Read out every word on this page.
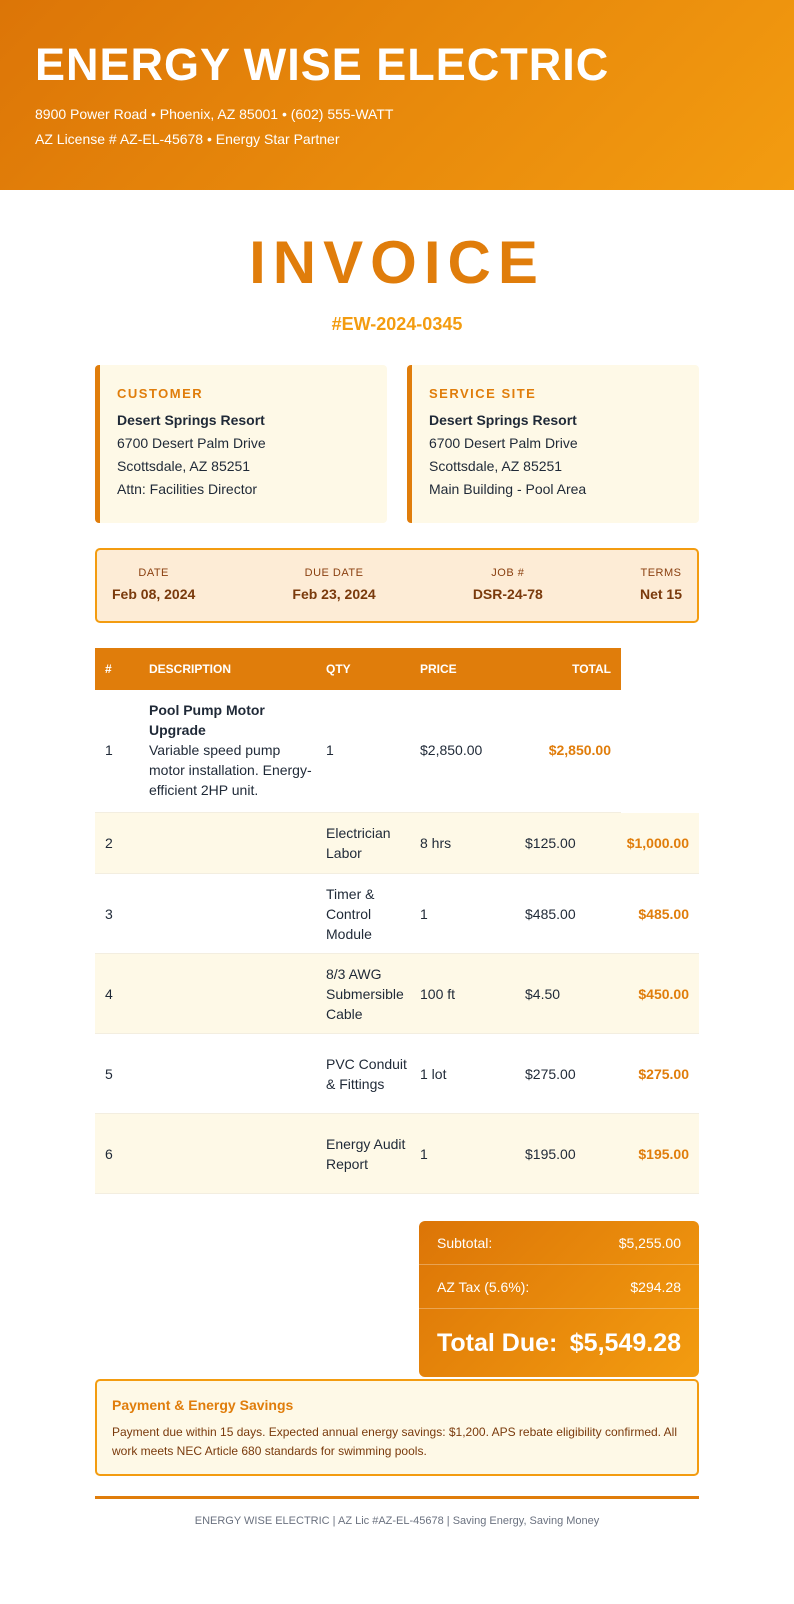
ENERGY WISE ELECTRIC
8900 Power Road • Phoenix, AZ 85001 • (602) 555-WATT
AZ License # AZ-EL-45678 • Energy Star Partner
INVOICE
#EW-2024-0345
CUSTOMER
Desert Springs Resort
6700 Desert Palm Drive
Scottsdale, AZ 85251
Attn: Facilities Director
SERVICE SITE
Desert Springs Resort
6700 Desert Palm Drive
Scottsdale, AZ 85251
Main Building - Pool Area
DATE
Feb 08, 2024
DUE DATE
Feb 23, 2024
JOB #
DSR-24-78
TERMS
Net 15
#	DESCRIPTION	QTY	PRICE	TOTAL
1
Pool Pump Motor Upgrade
Variable speed pump motor installation. Energy-efficient 2HP unit.
1	$2,850.00	$2,850.00
2
Electrician Labor
8 hrs	$125.00	$1,000.00
3
Timer & Control Module
1	$485.00	$485.00
4
8/3 AWG Submersible Cable
100 ft	$4.50	$450.00
5
PVC Conduit & Fittings
1 lot	$275.00	$275.00
6
Energy Audit Report
1	$195.00	$195.00
Subtotal:	$5,255.00
AZ Tax (5.6%):	$294.28
Total Due: $5,549.28
Payment & Energy Savings
Payment due within 15 days. Expected annual energy savings: $1,200. APS rebate eligibility confirmed. All work meets NEC Article 680 standards for swimming pools.
ENERGY WISE ELECTRIC | AZ Lic #AZ-EL-45678 | Saving Energy, Saving Money
